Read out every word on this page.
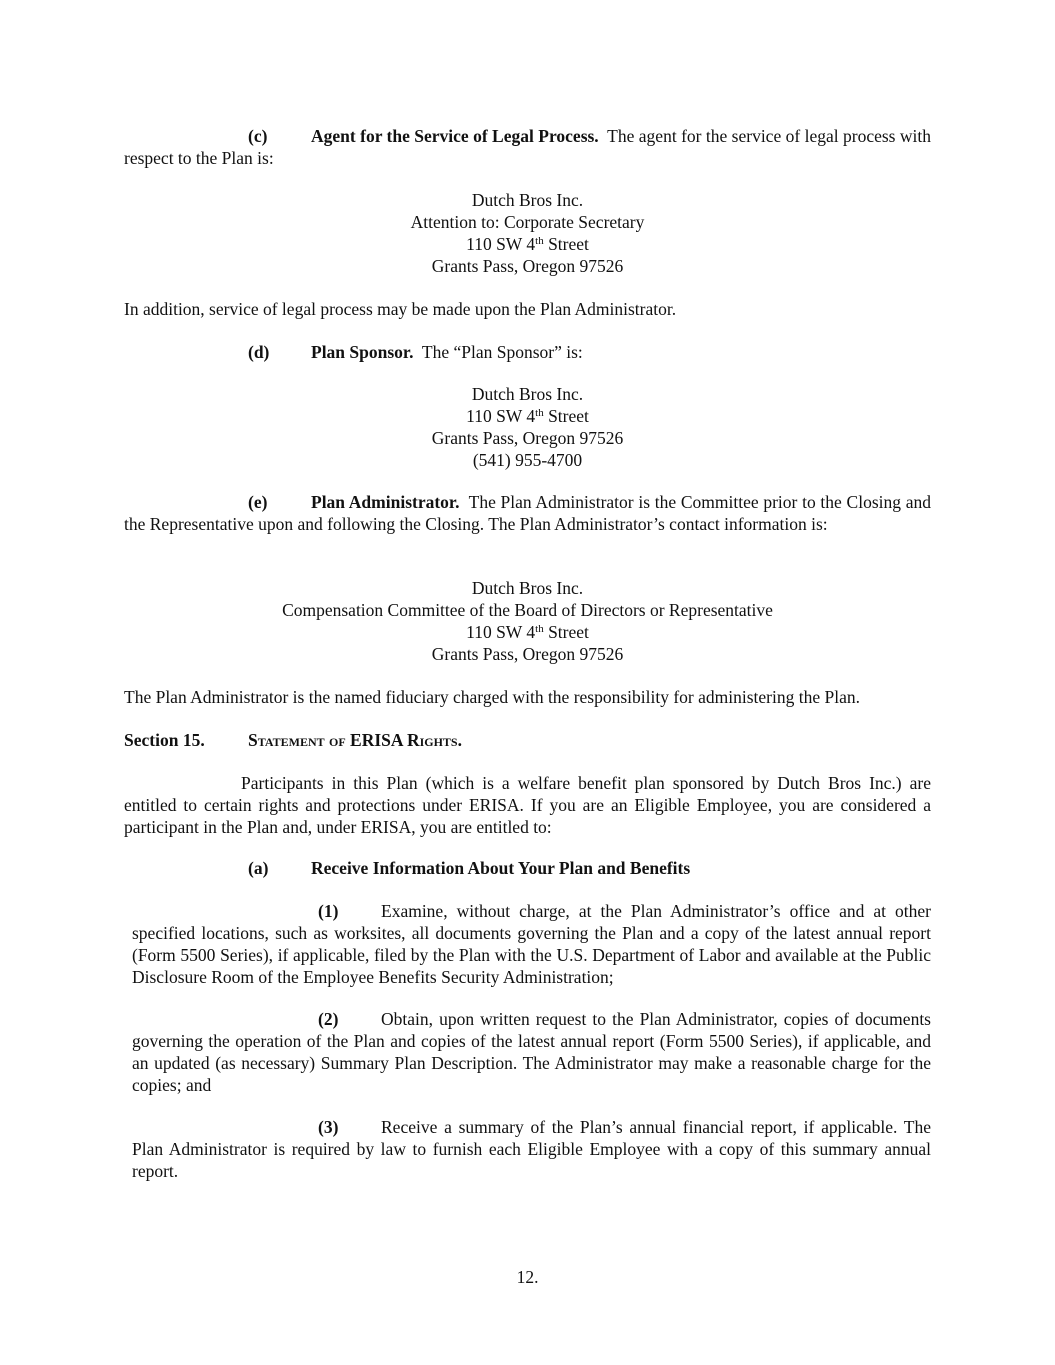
(c) Agent for the Service of Legal Process. The agent for the service of legal process with respect to the Plan is:

Dutch Bros Inc.
Attention to: Corporate Secretary
110 SW 4th Street
Grants Pass, Oregon 97526

In addition, service of legal process may be made upon the Plan Administrator.

(d) Plan Sponsor. The “Plan Sponsor” is:

Dutch Bros Inc.
110 SW 4th Street
Grants Pass, Oregon 97526
(541) 955-4700

(e) Plan Administrator. The Plan Administrator is the Committee prior to the Closing and the Representative upon and following the Closing. The Plan Administrator’s contact information is:

Dutch Bros Inc.
Compensation Committee of the Board of Directors or Representative
110 SW 4th Street
Grants Pass, Oregon 97526

The Plan Administrator is the named fiduciary charged with the responsibility for administering the Plan.

Section 15. Statement of ERISA Rights.

Participants in this Plan (which is a welfare benefit plan sponsored by Dutch Bros Inc.) are entitled to certain rights and protections under ERISA. If you are an Eligible Employee, you are considered a participant in the Plan and, under ERISA, you are entitled to:

(a) Receive Information About Your Plan and Benefits

(1) Examine, without charge, at the Plan Administrator’s office and at other specified locations, such as worksites, all documents governing the Plan and a copy of the latest annual report (Form 5500 Series), if applicable, filed by the Plan with the U.S. Department of Labor and available at the Public Disclosure Room of the Employee Benefits Security Administration;

(2) Obtain, upon written request to the Plan Administrator, copies of documents governing the operation of the Plan and copies of the latest annual report (Form 5500 Series), if applicable, and an updated (as necessary) Summary Plan Description. The Administrator may make a reasonable charge for the copies; and

(3) Receive a summary of the Plan’s annual financial report, if applicable. The Plan Administrator is required by law to furnish each Eligible Employee with a copy of this summary annual report.

12.
